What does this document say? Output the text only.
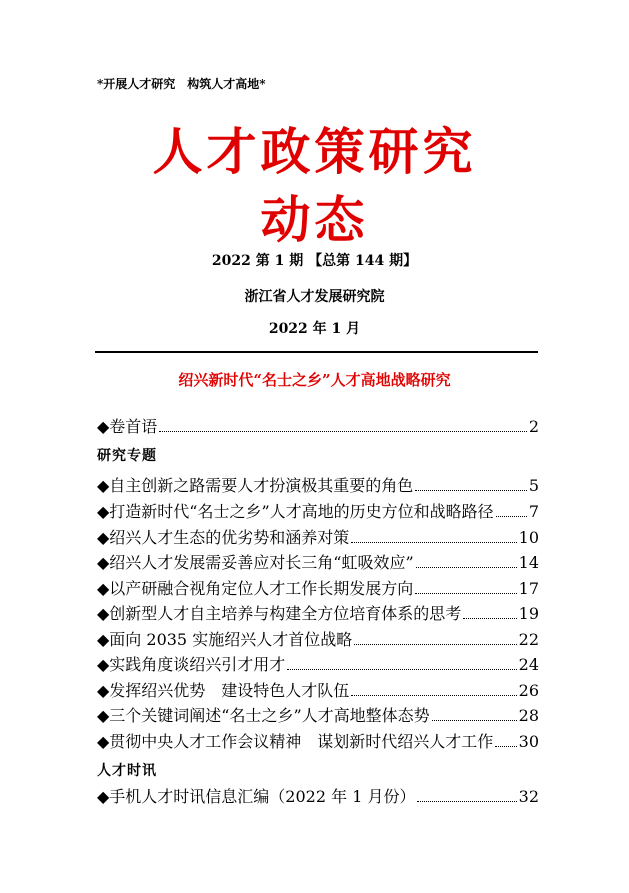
*开展人才研究　构筑人才高地*
人才政策研究
动态
2022 第 1 期 【总第 144 期】
浙江省人才发展研究院
2022 年 1 月
绍兴新时代“名士之乡”人才高地战略研究
◆卷首语	2
研究专题
◆自主创新之路需要人才扮演极其重要的角色	5
◆打造新时代“名士之乡”人才高地的历史方位和战略路径 7
◆绍兴人才生态的优劣势和涵养对策	10
◆绍兴人才发展需妥善应对长三角“虹吸效应”	14
◆以产研融合视角定位人才工作长期发展方向	17
◆创新型人才自主培养与构建全方位培育体系的思考	19
◆面向 2035 实施绍兴人才首位战略	22
◆实践角度谈绍兴引才用才	24
◆发挥绍兴优势　建设特色人才队伍	26
◆三个关键词阐述“名士之乡”人才高地整体态势	28
◆贯彻中央人才工作会议精神　谋划新时代绍兴人才工作 30
人才时讯
◆手机人才时讯信息汇编（2022 年 1 月份）	32
